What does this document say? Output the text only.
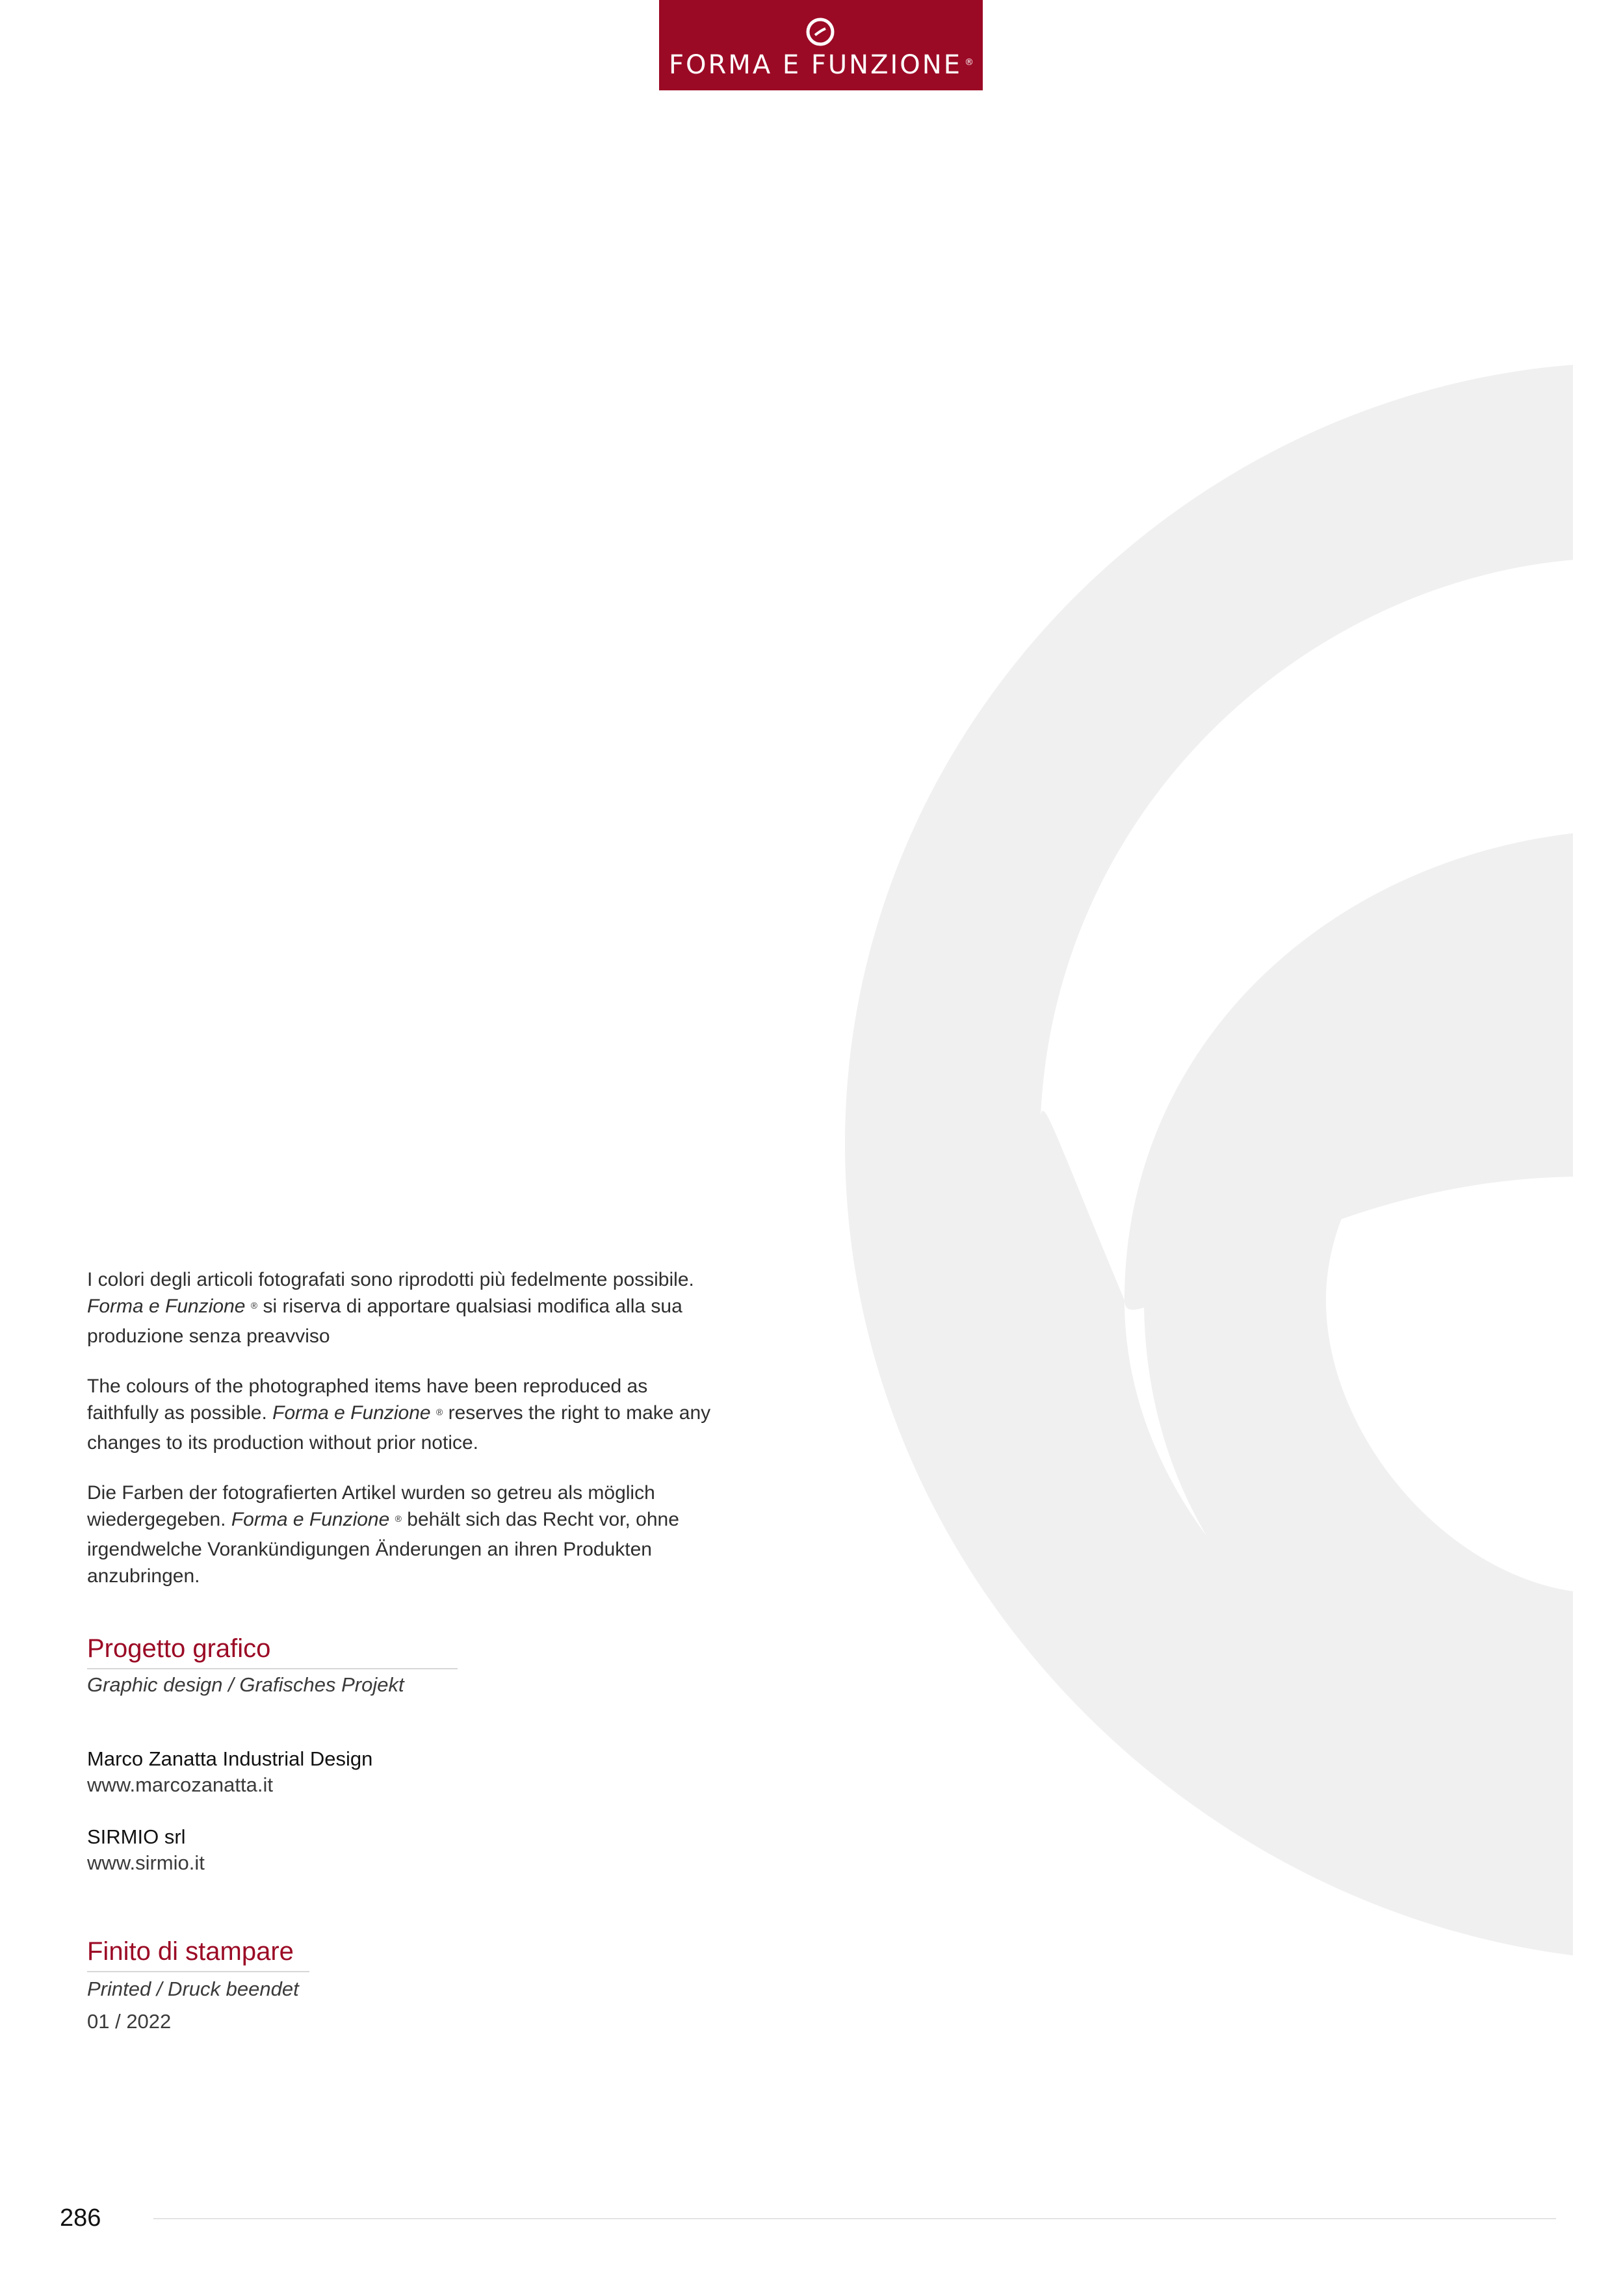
FORMA E FUNZIONE ®

I colori degli articoli fotografati sono riprodotti più fedelmente possibile.

Forma e Funzione ® si riserva di apportare qualsiasi modifica alla sua

produzione senza preavviso

The colours of the photographed items have been reproduced as

faithfully as possible. Forma e Funzione ® reserves the right to make any

changes to its production without prior notice.

Die Farben der fotografierten Artikel wurden so getreu als möglich

wiedergegeben. Forma e Funzione ® behält sich das Recht vor, ohne

irgendwelche Vorankündigungen Änderungen an ihren Produkten

anzubringen.

Progetto grafico
Graphic design / Grafisches Projekt
Marco Zanatta Industrial Design
www.marcozanatta.it
SIRMIO srl
www.sirmio.it
Finito di stampare
Printed / Druck beendet
01 / 2022
286
